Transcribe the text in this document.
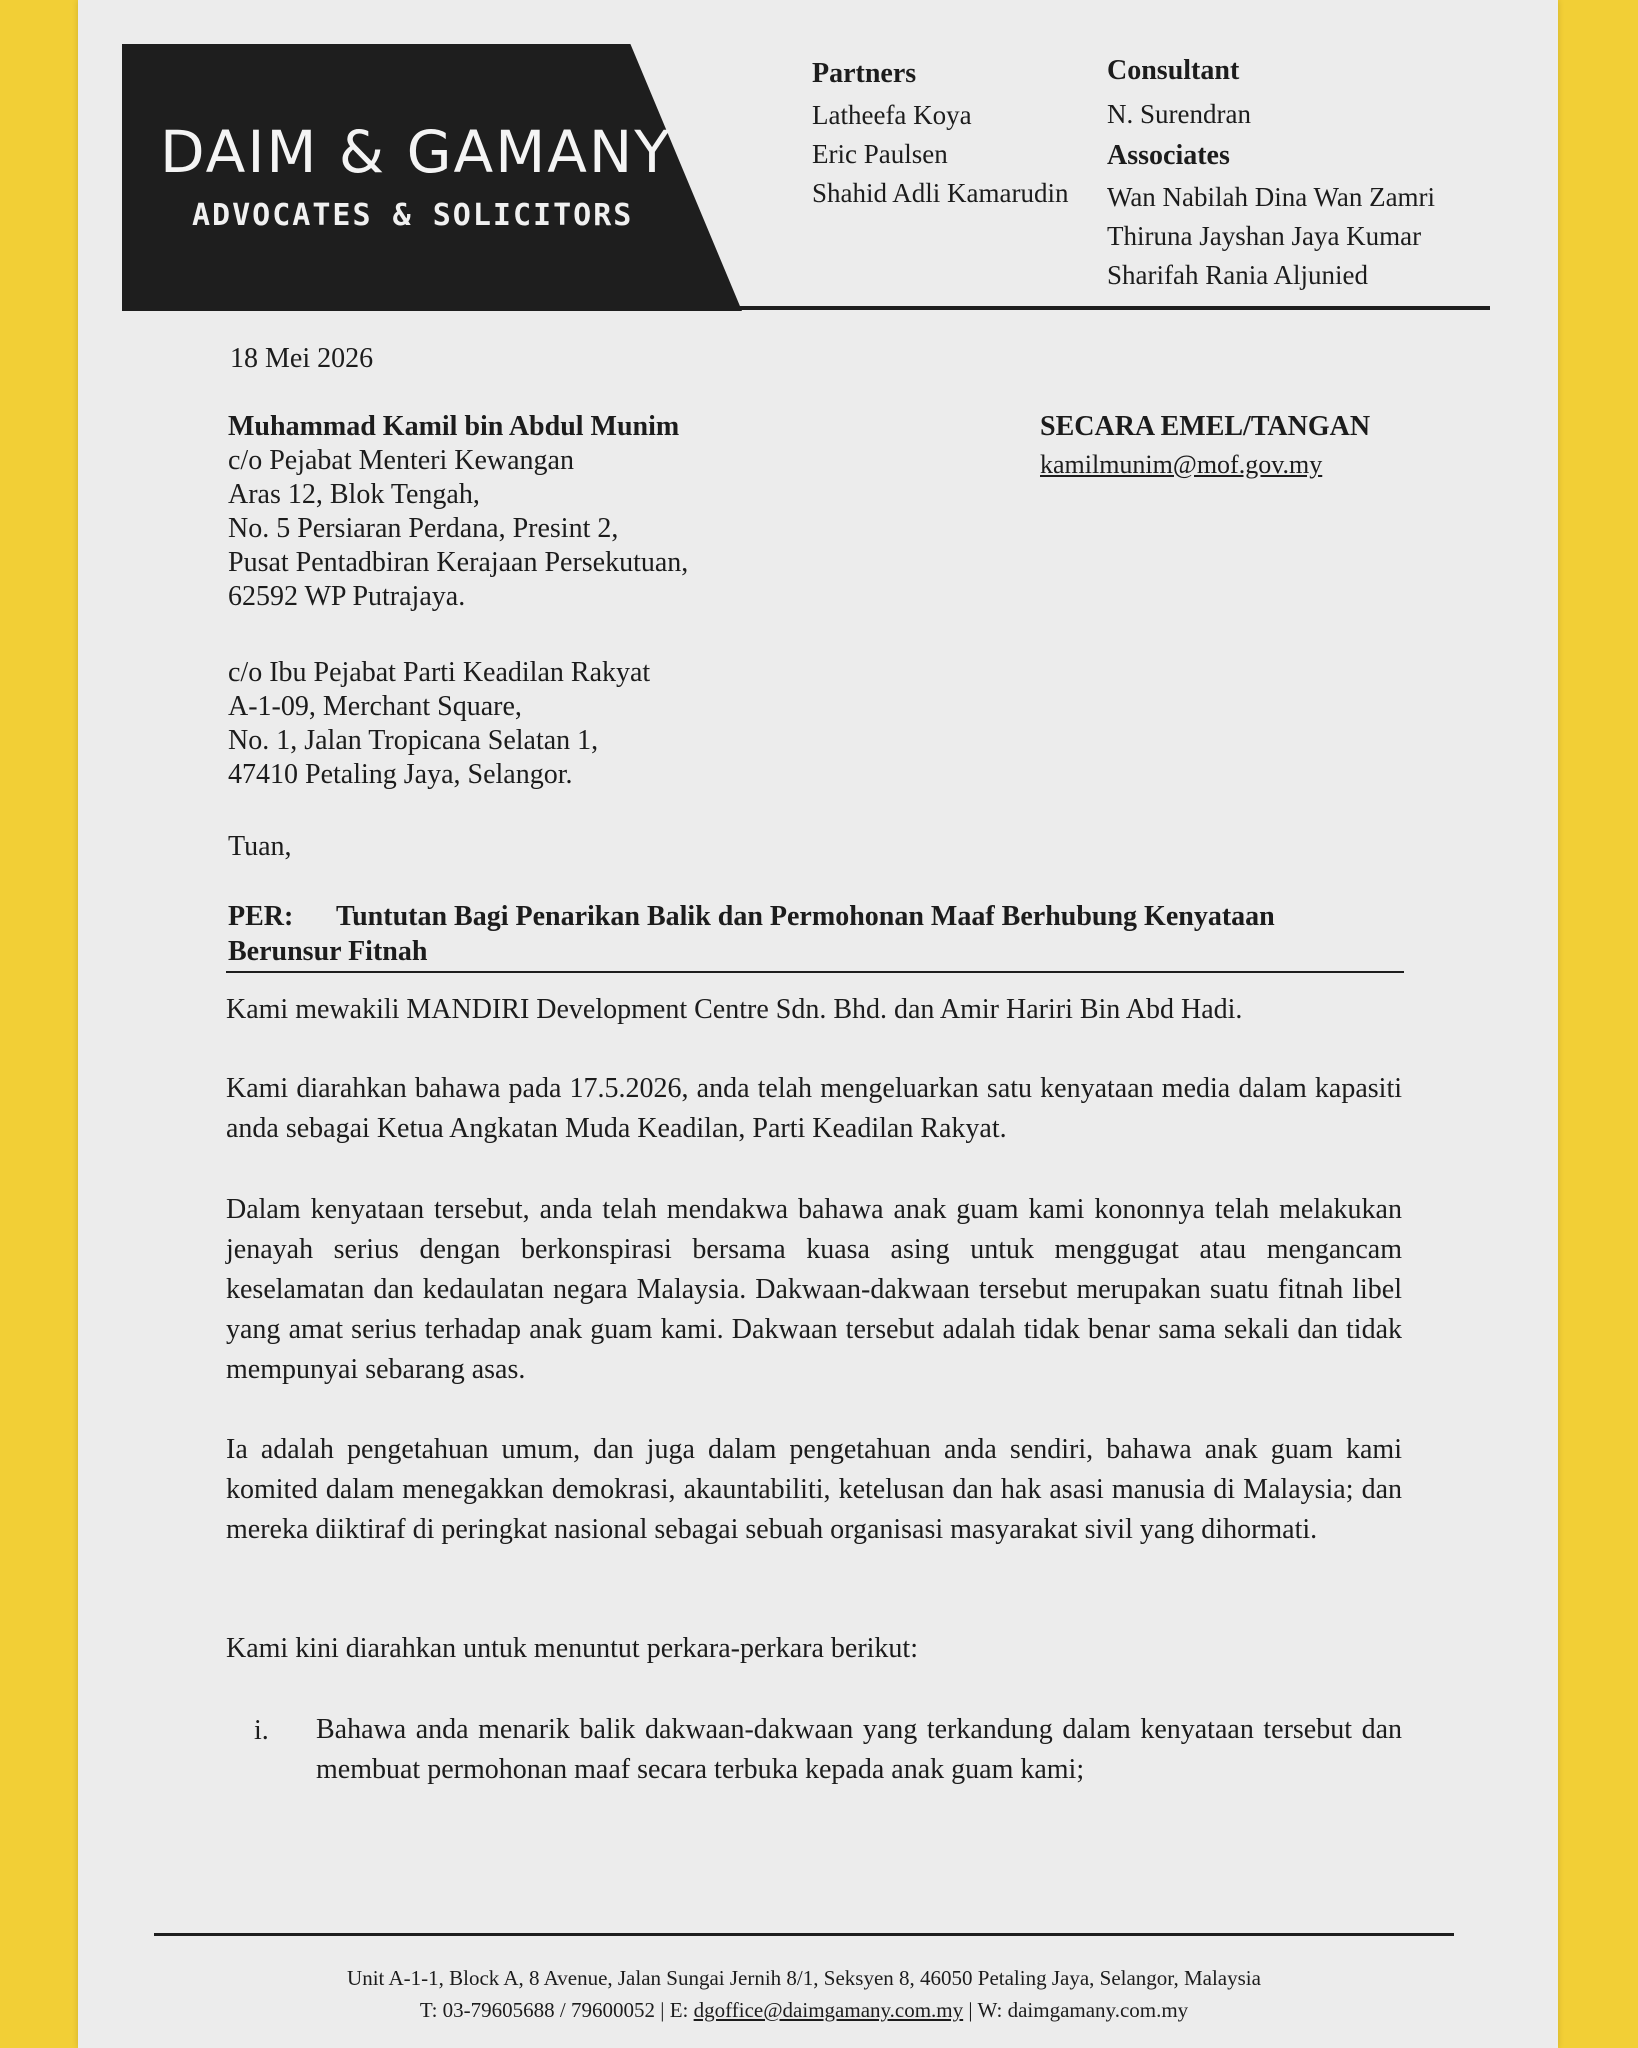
DAIM & GAMANY
ADVOCATES & SOLICITORS
Partners
Latheefa Koya
Eric Paulsen
Shahid Adli Kamarudin
Consultant
N. Surendran
Associates
Wan Nabilah Dina Wan Zamri
Thiruna Jayshan Jaya Kumar
Sharifah Rania Aljunied
18 Mei 2026
SECARA EMEL/TANGAN
kamilmunim@mof.gov.my
Muhammad Kamil bin Abdul Munim
c/o Pejabat Menteri Kewangan
Aras 12, Blok Tengah,
No. 5 Persiaran Perdana, Presint 2,
Pusat Pentadbiran Kerajaan Persekutuan,
62592 WP Putrajaya.
c/o Ibu Pejabat Parti Keadilan Rakyat
A-1-09, Merchant Square,
No. 1, Jalan Tropicana Selatan 1,
47410 Petaling Jaya, Selangor.
Tuan,
PER: Tuntutan Bagi Penarikan Balik dan Permohonan Maaf Berhubung Kenyataan
Berunsur Fitnah
Kami mewakili MANDIRI Development Centre Sdn. Bhd. dan Amir Hariri Bin Abd Hadi.
Kami diarahkan bahawa pada 17.5.2026, anda telah mengeluarkan satu kenyataan media dalam kapasiti anda sebagai Ketua Angkatan Muda Keadilan, Parti Keadilan Rakyat.
Dalam kenyataan tersebut, anda telah mendakwa bahawa anak guam kami kononnya telah melakukan jenayah serius dengan berkonspirasi bersama kuasa asing untuk menggugat atau mengancam keselamatan dan kedaulatan negara Malaysia. Dakwaan-dakwaan tersebut merupakan suatu fitnah libel yang amat serius terhadap anak guam kami. Dakwaan tersebut adalah tidak benar sama sekali dan tidak mempunyai sebarang asas.
Ia adalah pengetahuan umum, dan juga dalam pengetahuan anda sendiri, bahawa anak guam kami komited dalam menegakkan demokrasi, akauntabiliti, ketelusan dan hak asasi manusia di Malaysia; dan mereka diiktiraf di peringkat nasional sebagai sebuah organisasi masyarakat sivil yang dihormati.
Kami kini diarahkan untuk menuntut perkara-perkara berikut:
i. Bahawa anda menarik balik dakwaan-dakwaan yang terkandung dalam kenyataan tersebut dan membuat permohonan maaf secara terbuka kepada anak guam kami;
Unit A-1-1, Block A, 8 Avenue, Jalan Sungai Jernih 8/1, Seksyen 8, 46050 Petaling Jaya, Selangor, Malaysia
T: 03-79605688 / 79600052 | E: dgoffice@daimgamany.com.my | W: daimgamany.com.my
